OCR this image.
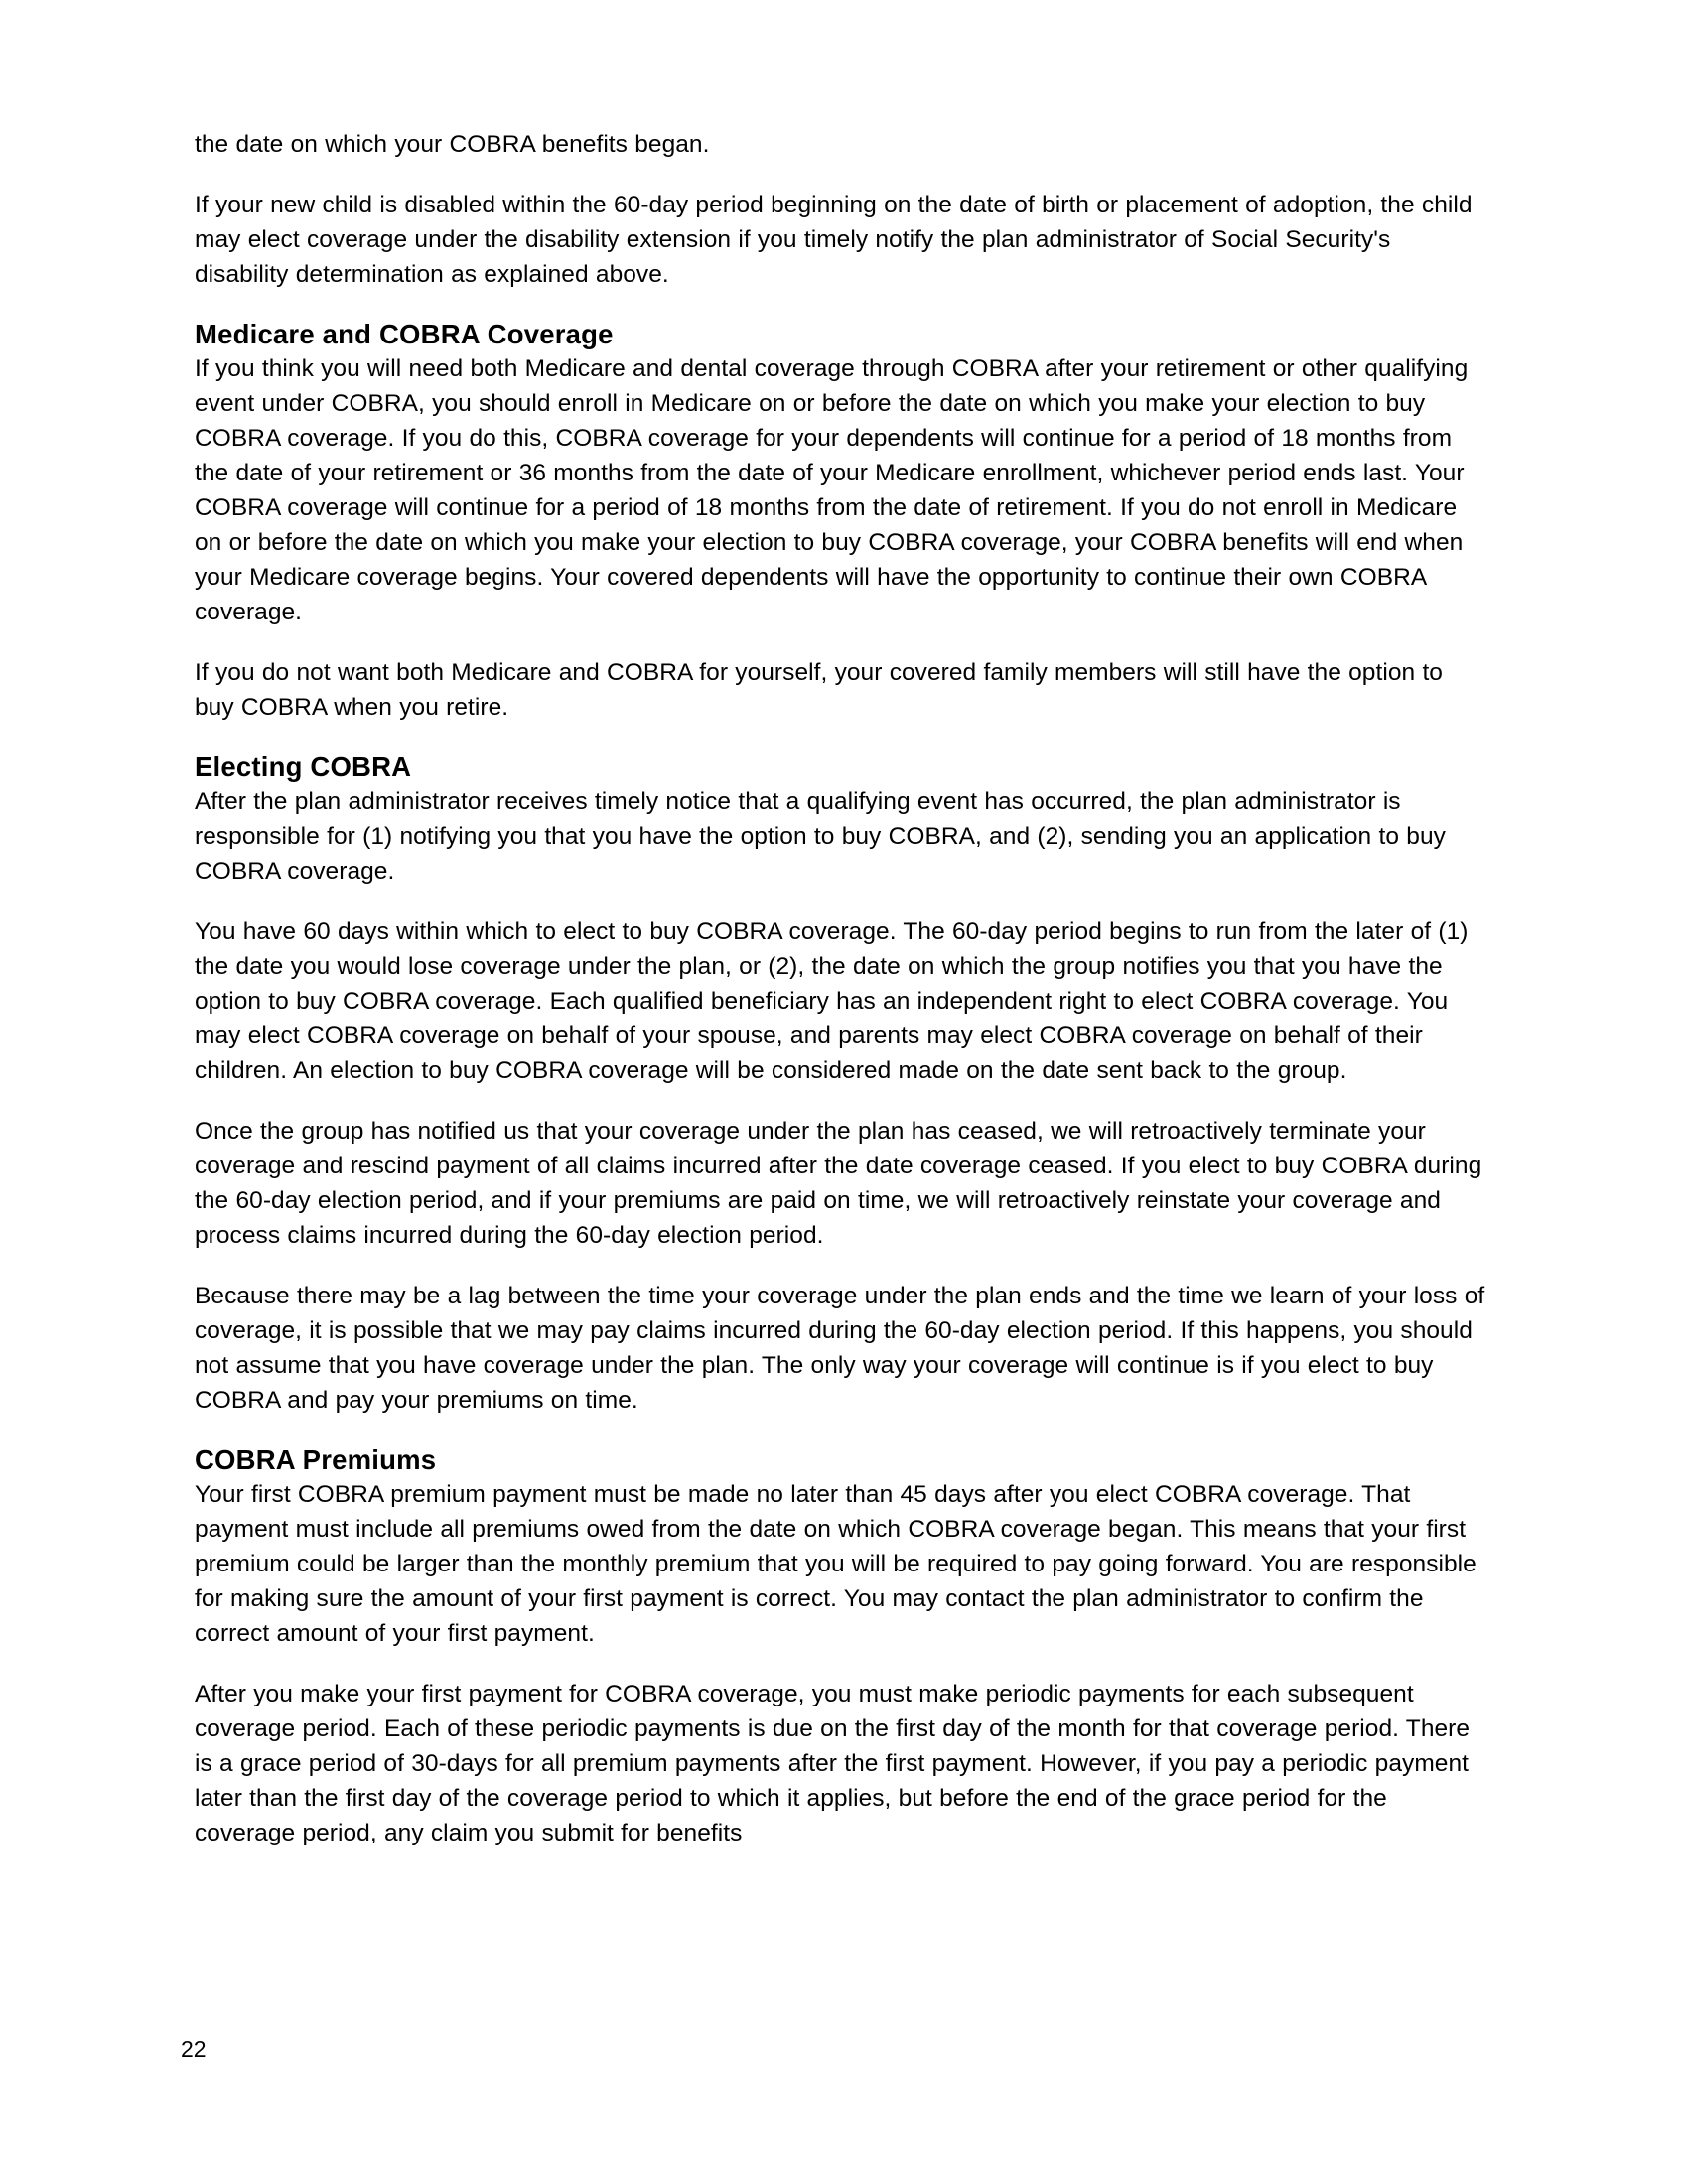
the date on which your COBRA benefits began.

If your new child is disabled within the 60-day period beginning on the date of birth or placement of adoption, the child may elect coverage under the disability extension if you timely notify the plan administrator of Social Security's disability determination as explained above.

Medicare and COBRA Coverage

If you think you will need both Medicare and dental coverage through COBRA after your retirement or other qualifying event under COBRA, you should enroll in Medicare on or before the date on which you make your election to buy COBRA coverage. If you do this, COBRA coverage for your dependents will continue for a period of 18 months from the date of your retirement or 36 months from the date of your Medicare enrollment, whichever period ends last. Your COBRA coverage will continue for a period of 18 months from the date of retirement. If you do not enroll in Medicare on or before the date on which you make your election to buy COBRA coverage, your COBRA benefits will end when your Medicare coverage begins. Your covered dependents will have the opportunity to continue their own COBRA coverage.

If you do not want both Medicare and COBRA for yourself, your covered family members will still have the option to buy COBRA when you retire.

Electing COBRA

After the plan administrator receives timely notice that a qualifying event has occurred, the plan administrator is responsible for (1) notifying you that you have the option to buy COBRA, and (2), sending you an application to buy COBRA coverage.

You have 60 days within which to elect to buy COBRA coverage. The 60-day period begins to run from the later of (1) the date you would lose coverage under the plan, or (2), the date on which the group notifies you that you have the option to buy COBRA coverage. Each qualified beneficiary has an independent right to elect COBRA coverage. You may elect COBRA coverage on behalf of your spouse, and parents may elect COBRA coverage on behalf of their children. An election to buy COBRA coverage will be considered made on the date sent back to the group.

Once the group has notified us that your coverage under the plan has ceased, we will retroactively terminate your coverage and rescind payment of all claims incurred after the date coverage ceased. If you elect to buy COBRA during the 60-day election period, and if your premiums are paid on time, we will retroactively reinstate your coverage and process claims incurred during the 60-day election period.

Because there may be a lag between the time your coverage under the plan ends and the time we learn of your loss of coverage, it is possible that we may pay claims incurred during the 60-day election period. If this happens, you should not assume that you have coverage under the plan. The only way your coverage will continue is if you elect to buy COBRA and pay your premiums on time.

COBRA Premiums

Your first COBRA premium payment must be made no later than 45 days after you elect COBRA coverage. That payment must include all premiums owed from the date on which COBRA coverage began. This means that your first premium could be larger than the monthly premium that you will be required to pay going forward. You are responsible for making sure the amount of your first payment is correct. You may contact the plan administrator to confirm the correct amount of your first payment.

After you make your first payment for COBRA coverage, you must make periodic payments for each subsequent coverage period. Each of these periodic payments is due on the first day of the month for that coverage period. There is a grace period of 30-days for all premium payments after the first payment. However, if you pay a periodic payment later than the first day of the coverage period to which it applies, but before the end of the grace period for the coverage period, any claim you submit for benefits

22
